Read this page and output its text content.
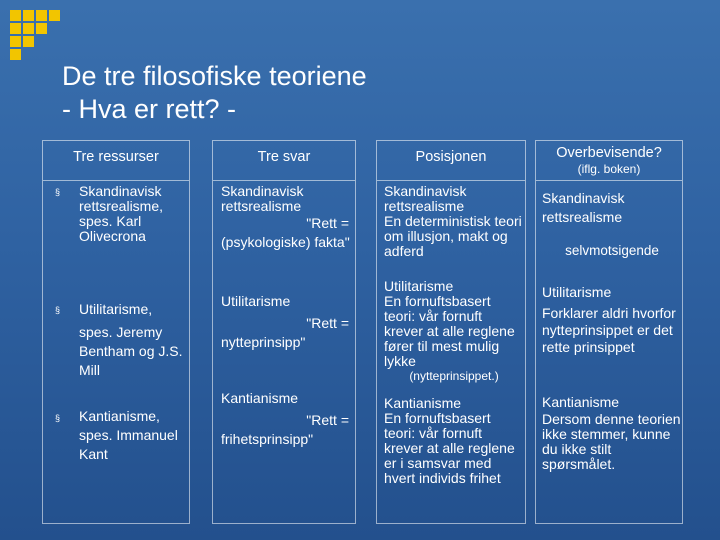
De tre filosofiske teoriene
- Hva er rett? -
Tre ressurser
§ Skandinavisk rettsrealisme, spes. Karl Olivecrona
§ Utilitarisme,
spes. Jeremy Bentham og J.S. Mill
§ Kantianisme,
spes. Immanuel Kant
Tre svar
Skandinavisk rettsrealisme
"Rett =
(psykologiske) fakta"
Utilitarisme
"Rett =
nytteprinsipp"
Kantianisme
"Rett =
frihetsprinsipp"
Posisjonen
Skandinavisk rettsrealisme
En deterministisk teori om illusjon, makt og adferd
Utilitarisme
En fornuftsbasert teori: vår fornuft krever at alle reglene fører til mest mulig lykke
(nytteprinsippet.)
Kantianisme
En fornuftsbasert teori: vår fornuft krever at alle reglene er i samsvar med hvert individs frihet
Overbevisende?
(iflg. boken)
Skandinavisk rettsrealisme
selvmotsigende
Utilitarisme
Forklarer aldri hvorfor nytteprinsippet er det rette prinsippet
Kantianisme
Dersom denne teorien ikke stemmer, kunne du ikke stilt spørsmålet.
